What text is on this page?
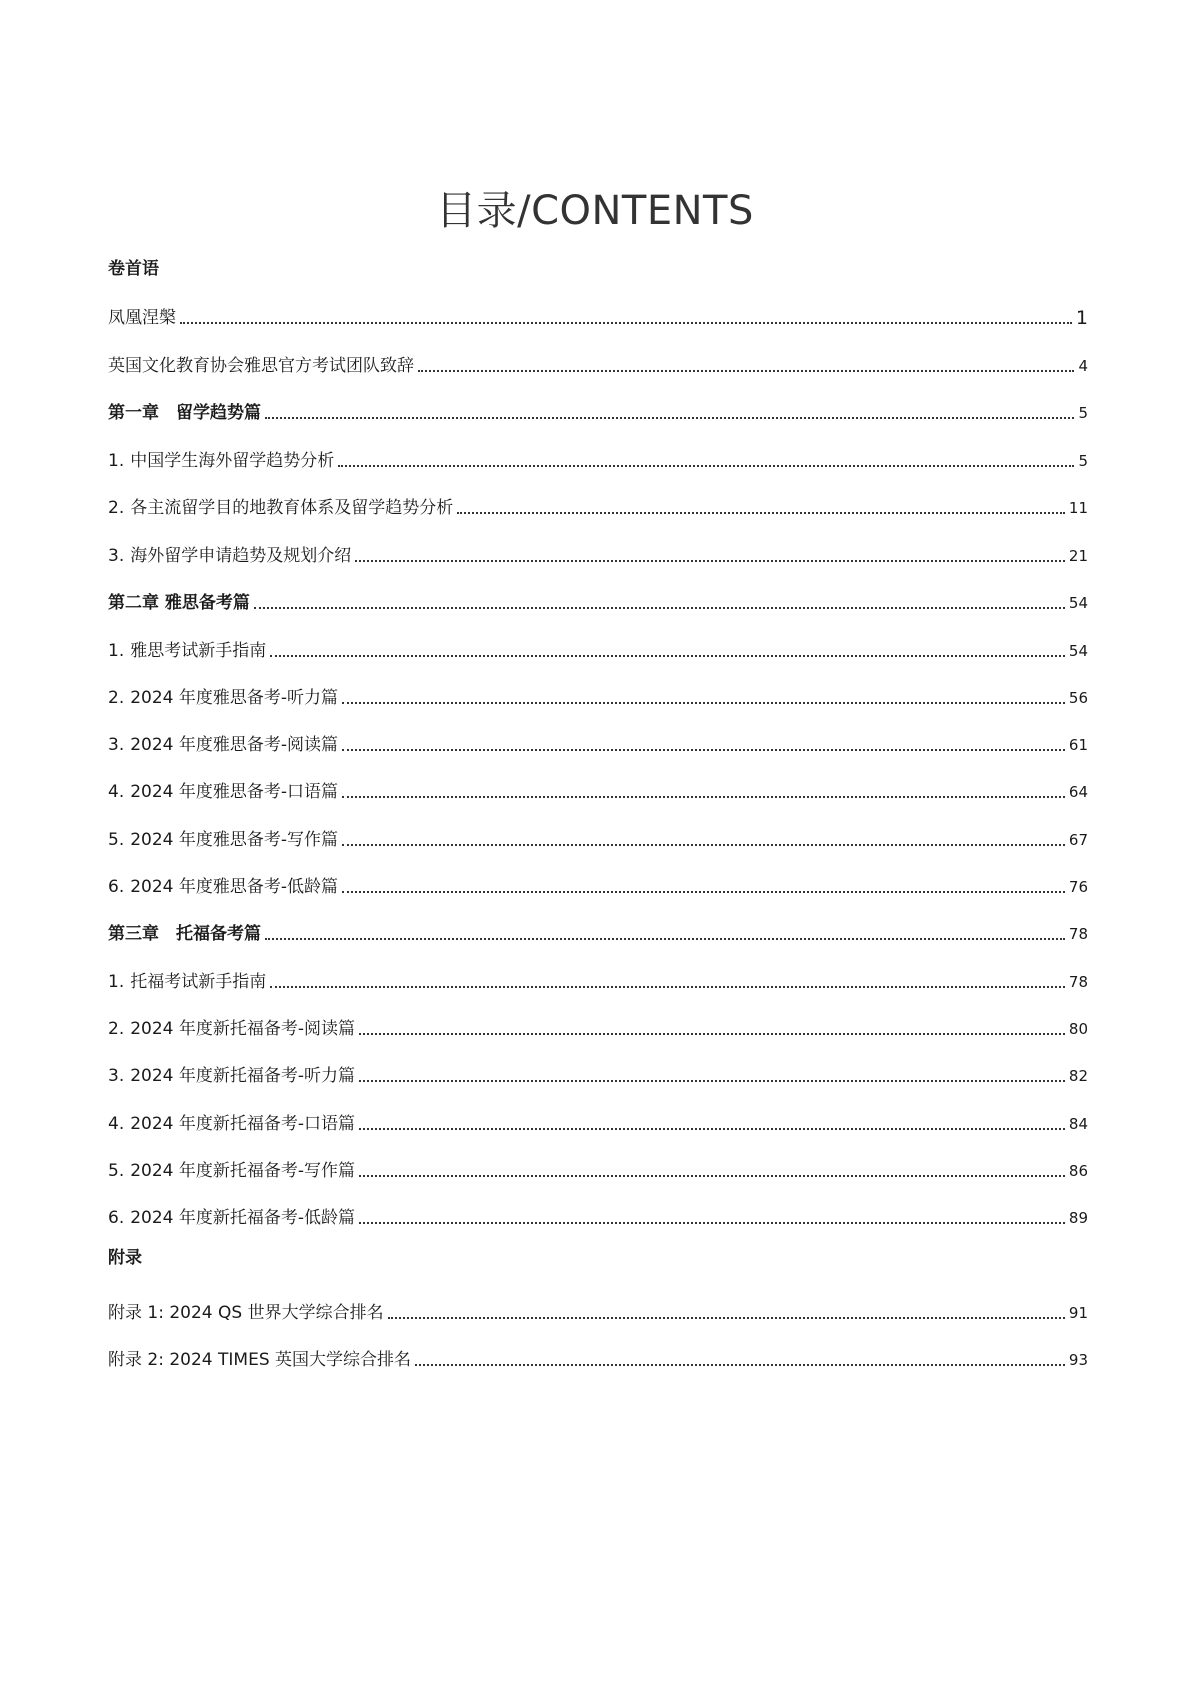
目录/CONTENTS
卷首语
凤凰涅槃	1
英国文化教育协会雅思官方考试团队致辞	4
第一章　留学趋势篇	5
1. 中国学生海外留学趋势分析	5
2. 各主流留学目的地教育体系及留学趋势分析	11
3. 海外留学申请趋势及规划介绍	21
第二章 雅思备考篇	54
1. 雅思考试新手指南	54
2. 2024 年度雅思备考-听力篇	56
3. 2024 年度雅思备考-阅读篇	61
4. 2024 年度雅思备考-口语篇	64
5. 2024 年度雅思备考-写作篇	67
6. 2024 年度雅思备考-低龄篇	76
第三章　托福备考篇	78
1. 托福考试新手指南	78
2. 2024 年度新托福备考-阅读篇	80
3. 2024 年度新托福备考-听力篇	82
4. 2024 年度新托福备考-口语篇	84
5. 2024 年度新托福备考-写作篇	86
6. 2024 年度新托福备考-低龄篇	89
附录
附录 1: 2024 QS 世界大学综合排名	91
附录 2: 2024 TIMES 英国大学综合排名	93
